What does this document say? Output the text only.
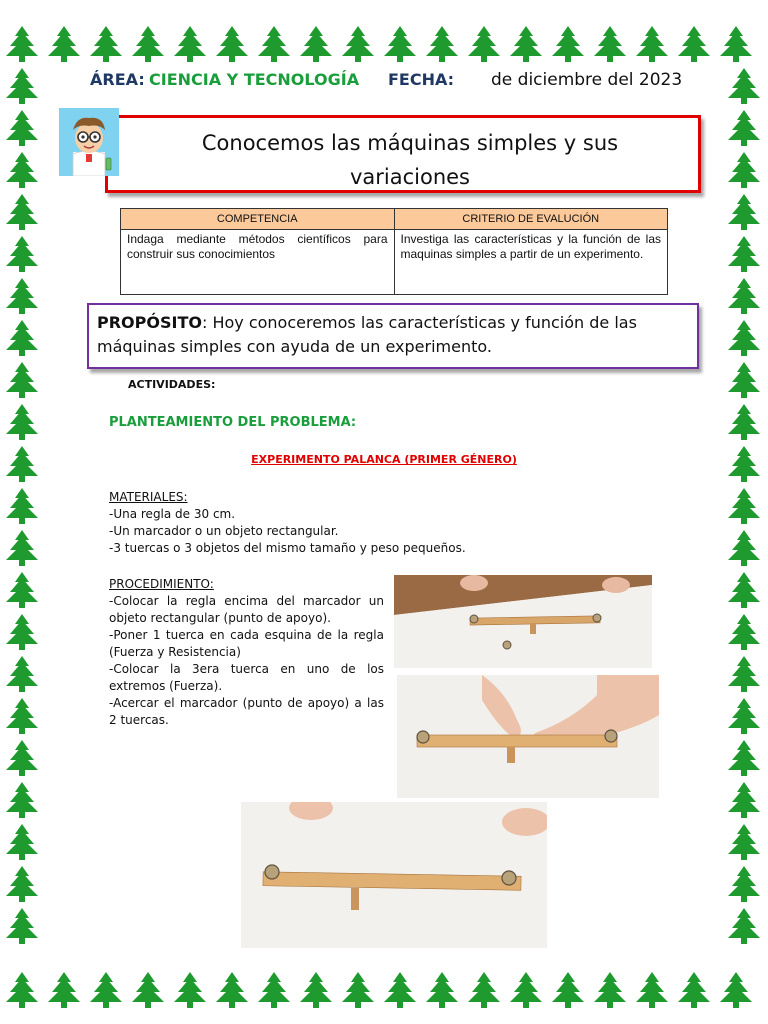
ÁREA: CIENCIA Y TECNOLOGÍA FECHA: de diciembre del 2023
Conocemos las máquinas simples y sus
variaciones
COMPETENCIA	CRITERIO DE EVALUCIÓN
Indaga mediante métodos científicos para construir sus conocimientos	Investiga las características y la función de las maquinas simples a partir de un experimento.
PROPÓSITO: Hoy conoceremos las características y función de las máquinas simples con ayuda de un experimento.
ACTIVIDADES:
PLANTEAMIENTO DEL PROBLEMA:
EXPERIMENTO PALANCA (PRIMER GÉNERO)
MATERIALES:
-Una regla de 30 cm.
-Un marcador o un objeto rectangular.
-3 tuercas o 3 objetos del mismo tamaño y peso pequeños.
PROCEDIMIENTO:
-Colocar la regla encima del marcador un objeto rectangular (punto de apoyo).
-Poner 1 tuerca en cada esquina de la regla (Fuerza y Resistencia)
-Colocar la 3era tuerca en uno de los extremos (Fuerza).
-Acercar el marcador (punto de apoyo) a las 2 tuercas.
